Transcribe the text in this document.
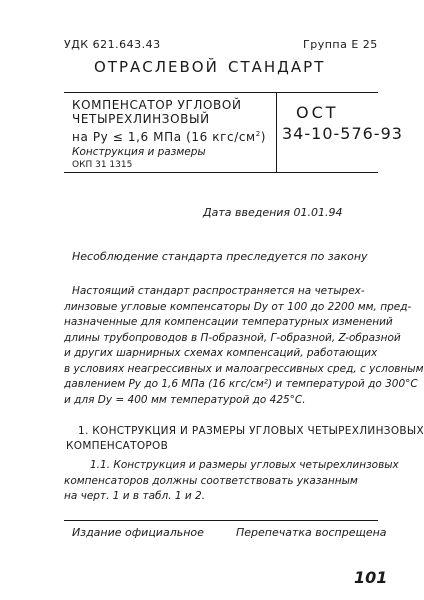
УДК 621.643.43	Группа Е 25
ОТРАСЛЕВОЙ СТАНДАРТ
КОМПЕНСАТОР УГЛОВОЙ
ЧЕТЫРЕХЛИНЗОВЫЙ
на Ру ≤ 1,6 МПа (16 кгс/$см^2$)
Конструкция и размеры
ОКП 31 1315
ОСТ
34-10-576-93
Дата введения 01.01.94
Несоблюдение стандарта преследуется по закону
Настоящий стандарт распространяется на четырех-
линзовые угловые компенсаторы Dу от 100 до 2200 мм, пред-
назначенные для компенсации температурных изменений
длины трубопроводов в П-образной, Г-образной, Z-образной
и других шарнирных схемах компенсаций, работающих
в условиях неагрессивных и малоагрессивных сред, с условным
давлением Ру до 1,6 МПа (16 кгс/см²) и температурой до 300°С
и для Dу = 400 мм температурой до 425°С.
1. КОНСТРУКЦИЯ И РАЗМЕРЫ УГЛОВЫХ ЧЕТЫРЕХЛИНЗОВЫХ
КОМПЕНСАТОРОВ
1.1. Конструкция и размеры угловых четырехлинзовых
компенсаторов должны соответствовать указанным
на черт. 1 и в табл. 1 и 2.
Издание официальное	Перепечатка воспрещена
101
